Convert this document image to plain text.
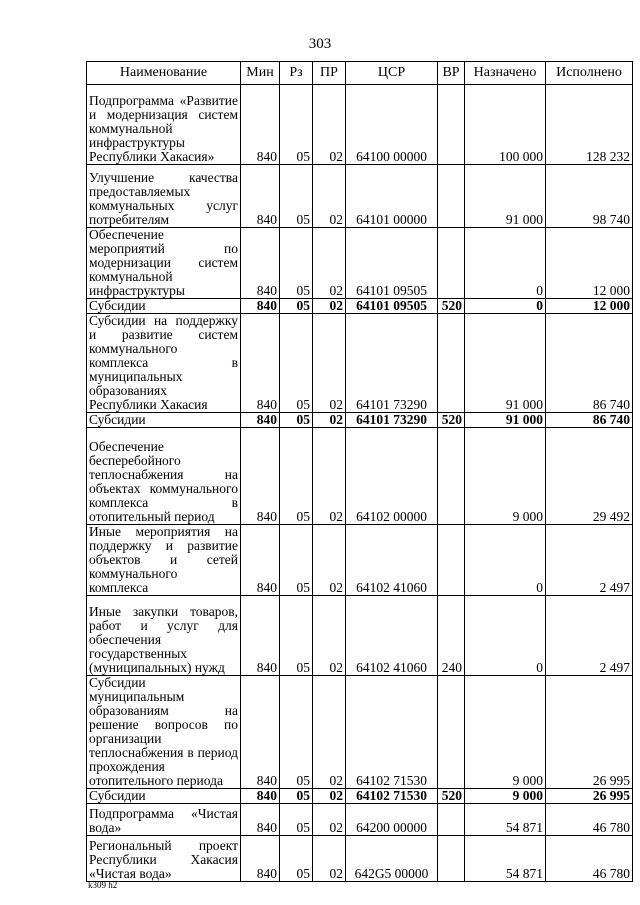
303
Наименование	Мин	Рз	ПР	ЦСР	ВР	Назначено	Исполнено
Подпрограмма «Развитие и модернизация систем коммунальной инфраструктуры Республики Хакасия»	840	05	02	64100 00000		100 000	128 232
Улучшение качества предоставляемых коммунальных услуг потребителям	840	05	02	64101 00000		91 000	98 740
Обеспечение мероприятий по модернизации систем коммунальной инфраструктуры	840	05	02	64101 09505		0	12 000
Субсидии	840	05	02	64101 09505	520	0	12 000
Субсидии на поддержку и развитие систем коммунального комплекса в муниципальных образованиях Республики Хакасия	840	05	02	64101 73290		91 000	86 740
Субсидии	840	05	02	64101 73290	520	91 000	86 740
Обеспечение бесперебойного теплоснабжения на объектах коммунального комплекса в отопительный период	840	05	02	64102 00000		9 000	29 492
Иные мероприятия на поддержку и развитие объектов и сетей коммунального комплекса	840	05	02	64102 41060		0	2 497
Иные закупки товаров, работ и услуг для обеспечения государственных (муниципальных) нужд	840	05	02	64102 41060	240	0	2 497
Субсидии муниципальным образованиям на решение вопросов по организации теплоснабжения в период прохождения отопительного периода	840	05	02	64102 71530		9 000	26 995
Субсидии	840	05	02	64102 71530	520	9 000	26 995
Подпрограмма «Чистая вода»	840	05	02	64200 00000		54 871	46 780
Региональный проект Республики Хакасия «Чистая вода»	840	05	02	642G5 00000		54 871	46 780
k309 h2
